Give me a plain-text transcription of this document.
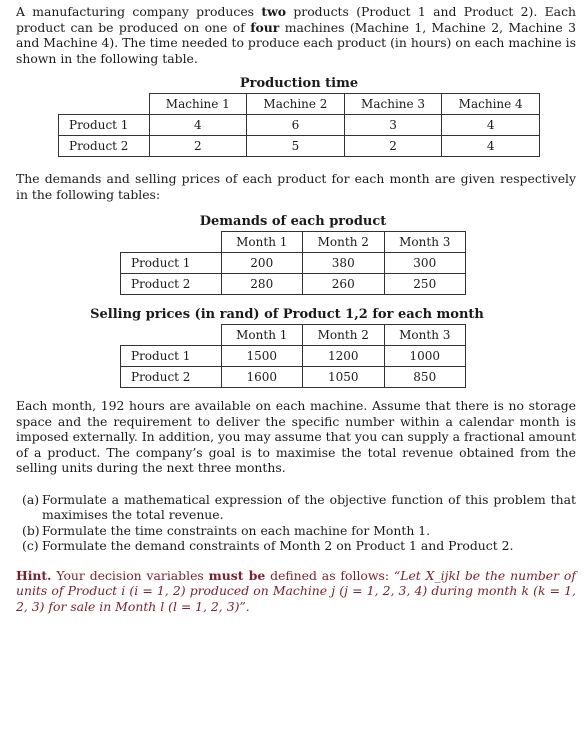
A manufacturing company produces two products (Product 1 and Product 2). Each product can be produced on one of four machines (Machine 1, Machine 2, Machine 3 and Machine 4). The time needed to produce each product (in hours) on each machine is shown in the following table.

Production time
	Machine 1	Machine 2	Machine 3	Machine 4
Product 1	4	6	3	4
Product 2	2	5	2	4

The demands and selling prices of each product for each month are given respectively in the following tables:

Demands of each product
	Month 1	Month 2	Month 3
Product 1	200	380	300
Product 2	280	260	250
Selling prices (in rand) of Product 1,2 for each month
	Month 1	Month 2	Month 3
Product 1	1500	1200	1000
Product 2	1600	1050	850

Each month, 192 hours are available on each machine. Assume that there is no storage space and the requirement to deliver the specific number within a calendar month is imposed externally. In addition, you may assume that you can supply a fractional amount of a product. The company’s goal is to maximise the total revenue obtained from the selling units during the next three months.

(a) Formulate a mathematical expression of the objective function of this problem that maximises the total revenue.
(b) Formulate the time constraints on each machine for Month 1.
(c) Formulate the demand constraints of Month 2 on Product 1 and Product 2.

Hint. Your decision variables must be defined as follows: “Let X_ijkl be the number of units of Product i (i = 1, 2) produced on Machine j (j = 1, 2, 3, 4) during month k (k = 1, 2, 3) for sale in Month l (l = 1, 2, 3)”.
